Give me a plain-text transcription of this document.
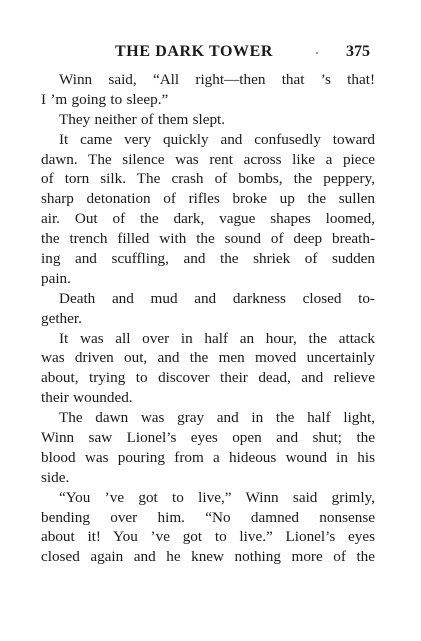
THE DARK TOWER	375
Winn said, “All right—then that ’s that!
I ’m going to sleep.”
They neither of them slept.
It came very quickly and confusedly toward
dawn. The silence was rent across like a piece
of torn silk. The crash of bombs, the peppery,
sharp detonation of rifles broke up the sullen
air. Out of the dark, vague shapes loomed,
the trench filled with the sound of deep breath-
ing and scuffling, and the shriek of sudden
pain.
Death and mud and darkness closed to-
gether.
It was all over in half an hour, the attack
was driven out, and the men moved uncertainly
about, trying to discover their dead, and relieve
their wounded.
The dawn was gray and in the half light,
Winn saw Lionel’s eyes open and shut; the
blood was pouring from a hideous wound in his
side.
“You ’ve got to live,” Winn said grimly,
bending over him. “No damned nonsense
about it! You ’ve got to live.” Lionel’s eyes
closed again and he knew nothing more of the
